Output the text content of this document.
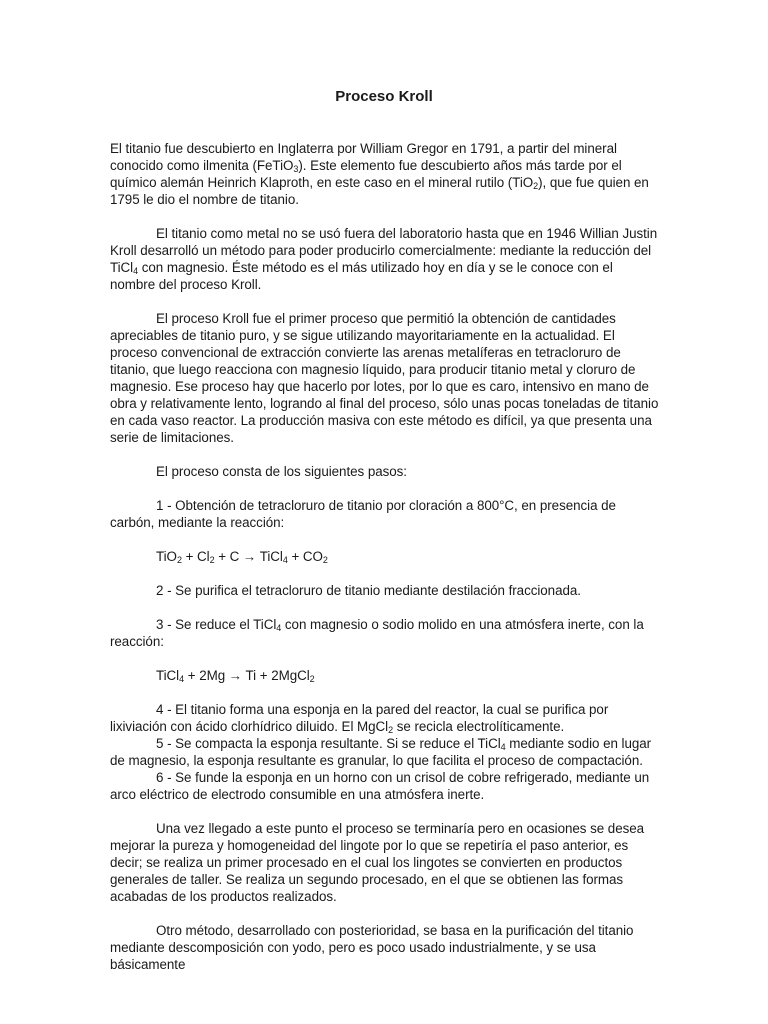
Proceso Kroll

El titanio fue descubierto en Inglaterra por William Gregor en 1791, a partir del mineral conocido como ilmenita (FeTiO$_3$). Este elemento fue descubierto años más tarde por el químico alemán Heinrich Klaproth, en este caso en el mineral rutilo (TiO$_2$), que fue quien en 1795 le dio el nombre de titanio.

El titanio como metal no se usó fuera del laboratorio hasta que en 1946 Willian Justin Kroll desarrolló un método para poder producirlo comercialmente: mediante la reducción del TiCl$_4$ con magnesio. Éste método es el más utilizado hoy en día y se le conoce con el nombre del proceso Kroll.

El proceso Kroll fue el primer proceso que permitió la obtención de cantidades apreciables de titanio puro, y se sigue utilizando mayoritariamente en la actualidad. El proceso convencional de extracción convierte las arenas metalíferas en tetracloruro de titanio, que luego reacciona con magnesio líquido, para producir titanio metal y cloruro de magnesio. Ese proceso hay que hacerlo por lotes, por lo que es caro, intensivo en mano de obra y relativamente lento, logrando al final del proceso, sólo unas pocas toneladas de titanio en cada vaso reactor. La producción masiva con este método es difícil, ya que presenta una serie de limitaciones.

El proceso consta de los siguientes pasos:

1 - Obtención de tetracloruro de titanio por cloración a 800°C, en presencia de carbón, mediante la reacción:

$TiO_2 + Cl_2 + C$ → TiCl$_4$ + $CO_2$

2 - Se purifica el tetracloruro de titanio mediante destilación fraccionada.

3 - Se reduce el TiCl$_4$ con magnesio o sodio molido en una atmósfera inerte, con la reacción:

TiCl$_4$ + 2Mg → Ti + 2MgCl$_2$

4 - El titanio forma una esponja en la pared del reactor, la cual se purifica por lixiviación con ácido clorhídrico diluido. El MgCl$_2$ se recicla electrolíticamente.

5 - Se compacta la esponja resultante. Si se reduce el TiCl$_4$ mediante sodio en lugar de magnesio, la esponja resultante es granular, lo que facilita el proceso de compactación.

6 - Se funde la esponja en un horno con un crisol de cobre refrigerado, mediante un arco eléctrico de electrodo consumible en una atmósfera inerte.

Una vez llegado a este punto el proceso se terminaría pero en ocasiones se desea mejorar la pureza y homogeneidad del lingote por lo que se repetiría el paso anterior, es decir; se realiza un primer procesado en el cual los lingotes se convierten en productos generales de taller. Se realiza un segundo procesado, en el que se obtienen las formas acabadas de los productos realizados.

Otro método, desarrollado con posterioridad, se basa en la purificación del titanio mediante descomposición con yodo, pero es poco usado industrialmente, y se usa básicamente
